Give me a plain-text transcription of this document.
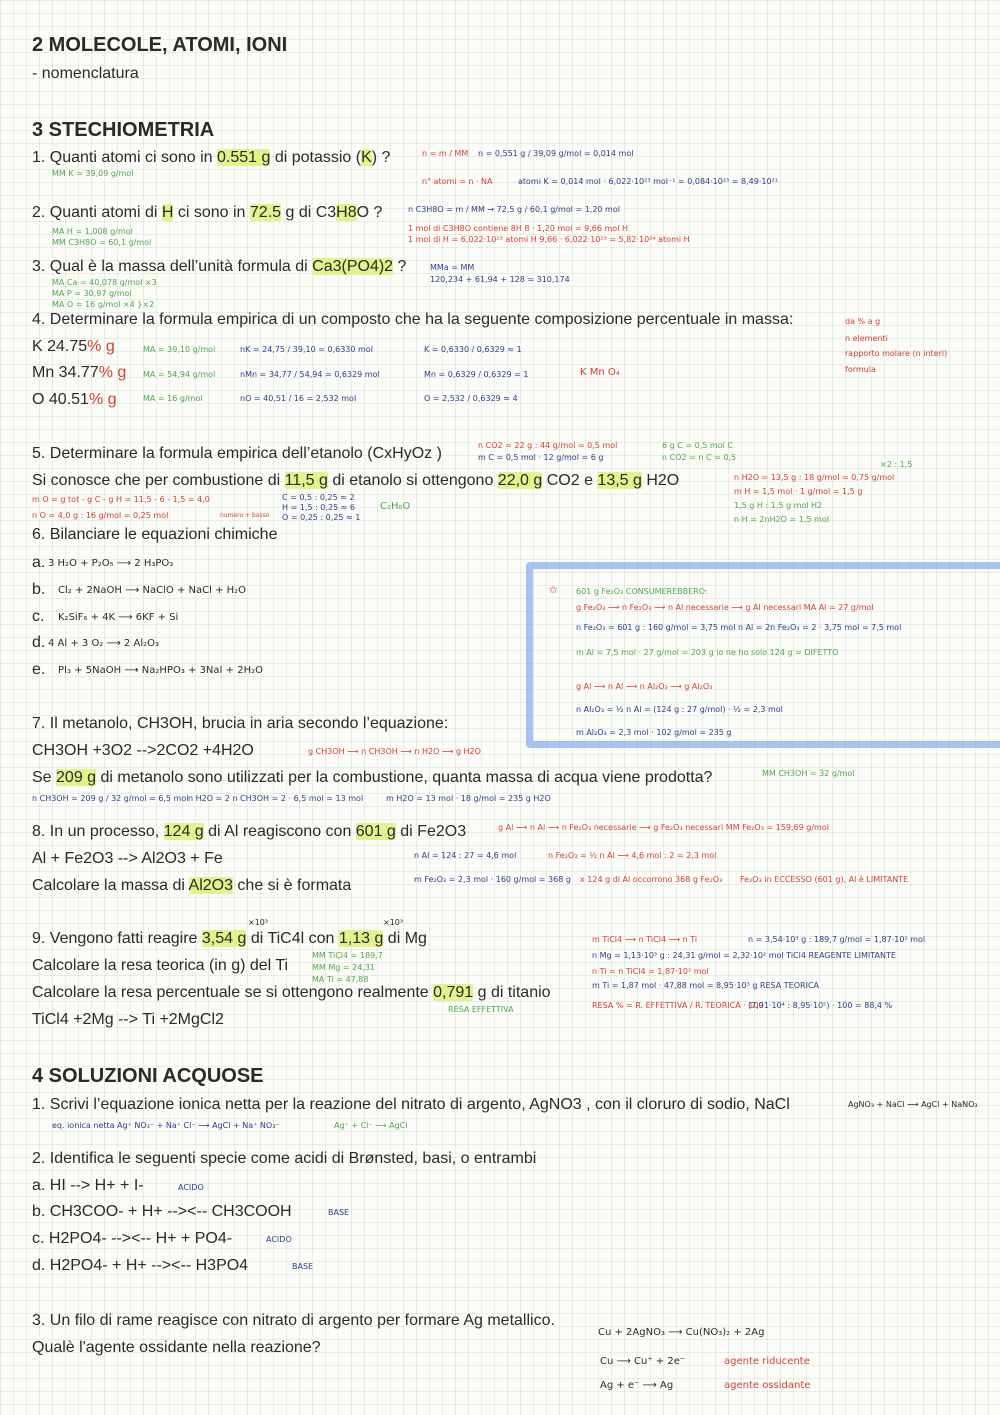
2 MOLECOLE, ATOMI, IONI
- nomenclatura
3 STECHIOMETRIA
1. Quanti atomi ci sono in 0.551 g di potassio (K) ?	n = m / MM n = 0,551 g / 39,09 g/mol = 0,014 mol
MM K = 39,09 g/mol
n° atomi = n · NA	atomi K = 0,014 mol · 6,022·10²³ mol⁻¹ = 0,084·10²³ = 8,49·10²¹
2. Quanti atomi di H ci sono in 72.5 g di C3H8O ?	n C3H8O = m / MM → 72,5 g / 60,1 g/mol = 1,20 mol
MA H = 1,008 g/mol
MM C3H8O = 60,1 g/mol
1 mol di C3H8O contiene 8H 8 · 1,20 mol = 9,66 mol H
1 mol di H = 6,022·10²³ atomi H 9,66 · 6,022·10²³ = 5,82·10²⁴ atomi H
3. Qual è la massa dell’unità formula di Ca3(PO4)2 ?	MMa = MM
120,234 + 61,94 + 128 = 310,174
MA Ca = 40,078 g/mol ×3
MA P = 30,97 g/mol
MA O = 16 g/mol ×4 }×2
4. Determinare la formula empirica di un composto che ha la seguente composizione percentuale in massa:	da % a g
n elementi
rapporto molare (n interi)
formula
K 24.75% g	MA = 39,10 g/mol	nK = 24,75 / 39,10 = 0,6330 mol	K = 0,6330 / 0,6329 ≈ 1
Mn 34.77% g MA = 54,94 g/mol	nMn = 34,77 / 54,94 = 0,6329 mol	Mn = 0,6329 / 0,6329 = 1	K Mn O₄
O 40.51% g	MA = 16 g/mol	nO = 40,51 / 16 = 2,532 mol	O = 2,532 / 0,6329 ≈ 4
5. Determinare la formula empirica dell’etanolo (CxHyOz )	n CO2 = 22 g : 44 g/mol = 0,5 mol
m C = 0,5 mol · 12 g/mol = 6 g
6 g C = 0,5 mol C
n CO2 = n C = 0,5
Si conosce che per combustione di 11,5 g di etanolo si ottengono 22,0 g CO2 e 13,5 g H2O
×2 : 1,5
n H2O = 13,5 g : 18 g/mol = 0,75 g/mol
m H = 1,5 mol · 1 g/mol = 1,5 g
1,5 g H : 1,5 g mol H2
n H = 2nH2O = 1,5 mol
m O = g tot - g C - g H = 11,5 - 6 - 1,5 = 4,0
n O = 4,0 g : 16 g/mol = 0,25 mol	numero + basso
C = 0,5 : 0,25 ≈ 2
H = 1,5 : 0,25 ≈ 6
O = 0,25 : 0,25 ≈ 1
C₂H₆O
6. Bilanciare le equazioni chimiche
a. 3 H₂O + P₂O₅ ⟶ 2 H₃PO₃
b. Cl₂ + 2NaOH ⟶ NaClO + NaCl + H₂O
c. K₂SiF₆ + 4K ⟶ 6KF + Si
d. 4 Al + 3 O₂ ⟶ 2 Al₂O₃
e. PI₃ + 5NaOH ⟶ Na₂HPO₃ + 3NaI + 2H₂O
✩ 601 g Fe₂O₃ CONSUMEREBBERO:
g Fe₂O₃ ⟶ n Fe₂O₃ ⟶ n Al necessarie ⟶ g Al necessari MA Al = 27 g/mol
n Fe₂O₃ = 601 g : 160 g/mol = 3,75 mol n Al = 2n Fe₂O₃ = 2 · 3,75 mol = 7,5 mol
m Al = 7,5 mol · 27 g/mol = 203 g io ne ho solo 124 g = DIFETTO
g Al ⟶ n Al ⟶ n Al₂O₃ ⟶ g Al₂O₃
n Al₂O₃ = ½ n Al = (124 g : 27 g/mol) · ½ = 2,3 mol
m Al₂O₃ = 2,3 mol · 102 g/mol = 235 g
7. Il metanolo, CH3OH, brucia in aria secondo l’equazione:
CH3OH +3O2 -->2CO2 +4H2O	g CH3OH ⟶ n CH3OH ⟶ n H2O ⟶ g H2O
Se 209 g di metanolo sono utilizzati per la combustione, quanta massa di acqua viene prodotta?	MM CH3OH = 32 g/mol
n CH3OH = 209 g / 32 g/mol = 6,5 mol n H2O = 2 n CH3OH = 2 · 6,5 mol = 13 mol	m H2O = 13 mol · 18 g/mol = 235 g H2O
8. In un processo, 124 g di Al reagiscono con 601 g di Fe2O3	g Al ⟶ n Al ⟶ n Fe₂O₃ necessarie ⟶ g Fe₂O₃ necessari MM Fe₂O₃ = 159,69 g/mol
Al + Fe2O3 --> Al2O3 + Fe	n Al = 124 : 27 = 4,6 mol	n Fe₂O₃ = ½ n Al ⟶ 4,6 mol : 2 = 2,3 mol
Calcolare la massa di Al2O3 che si è formata	m Fe₂O₃ = 2,3 mol · 160 g/mol = 368 g x 124 g di Al occorrono 368 g Fe₂O₃ Fe₂O₃ in ECCESSO (601 g), Al è LIMITANTE
×10³	×10³
9. Vengono fatti reagire 3,54 g di TiC4l con 1,13 g di Mg	m TiCl4 ⟶ n TiCl4 ⟶ n Ti	n = 3,54·10³ g : 189,7 g/mol = 1,87·10² mol
Calcolare la resa teorica (in g) del Ti
MM TiCl4 = 189,7
MM Mg = 24,31
MA Ti = 47,88
n Mg = 1,13·10³ g : 24,31 g/mol = 2,32·10² mol TiCl4 REAGENTE LIMITANTE
n Ti = n TiCl4 = 1,87·10² mol
Calcolare la resa percentuale se si ottengono realmente 0,791 g di titanio	m Ti = 1,87 mol · 47,88 mol = 8,95·10³ g RESA TEORICA
RESA EFFETTIVA	RESA % = R. EFFETTIVA / R. TEORICA · 100
(7,91·10⁴ : 8,95·10⁵) · 100 = 88,4 %
TiCl4 +2Mg --> Ti +2MgCl2
4 SOLUZIONI ACQUOSE
1. Scrivi l’equazione ionica netta per la reazione del nitrato di argento, AgNO3 , con il cloruro di sodio, NaCl	AgNO₃ + NaCl ⟶ AgCl + NaNO₃
eq. ionica netta Ag⁺ NO₃⁻ + Na⁺ Cl⁻ ⟶ AgCl + Na⁺ NO₃⁻	Ag⁺ + Cl⁻ ⟶ AgCl
2. Identifica le seguenti specie come acidi di Brønsted, basi, o entrambi
a. HI --> H+ + I-	ACIDO
b. CH3COO- + H+ --><-- CH3COOH	BASE
c. H2PO4- --><-- H+ + PO4-	ACIDO
d. H2PO4- + H+ --><-- H3PO4	BASE
3. Un filo di rame reagisce con nitrato di argento per formare Ag metallico.
Cu + 2AgNO₃ ⟶ Cu(NO₃)₂ + 2Ag
Qualè l'agente ossidante nella reazione?
Cu ⟶ Cu⁺ + 2e⁻	agente riducente
Ag + e⁻ ⟶ Ag	agente ossidante
